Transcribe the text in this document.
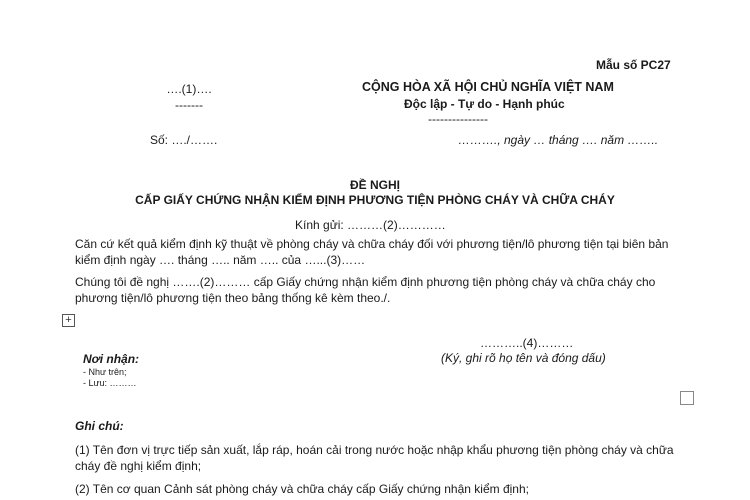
Mẫu số PC27
….(1)….
-------
CỘNG HÒA XÃ HỘI CHỦ NGHĨA VIỆT NAM
Độc lập - Tự do - Hạnh phúc
---------------
Số: …./…….	………., ngày … tháng …. năm ……..
ĐỀ NGHỊ
CẤP GIẤY CHỨNG NHẬN KIỂM ĐỊNH PHƯƠNG TIỆN PHÒNG CHÁY VÀ CHỮA CHÁY
Kính gửi: ………(2)…………
Căn cứ kết quả kiểm định kỹ thuật về phòng cháy và chữa cháy đối với phương tiện/lô phương tiện tại biên bản kiểm định ngày …. tháng ….. năm ….. của …...(3)……
Chúng tôi đề nghị …….(2)……… cấp Giấy chứng nhận kiểm định phương tiện phòng cháy và chữa cháy cho phương tiện/lô phương tiện theo bảng thống kê kèm theo./.
+
………..(4)………
(Ký, ghi rõ họ tên và đóng dấu)
Nơi nhận:
- Như trên;
- Lưu: ………
Ghi chú:
(1) Tên đơn vị trực tiếp sản xuất, lắp ráp, hoán cải trong nước hoặc nhập khẩu phương tiện phòng cháy và chữa cháy đề nghị kiểm định;
(2) Tên cơ quan Cảnh sát phòng cháy và chữa cháy cấp Giấy chứng nhận kiểm định;
